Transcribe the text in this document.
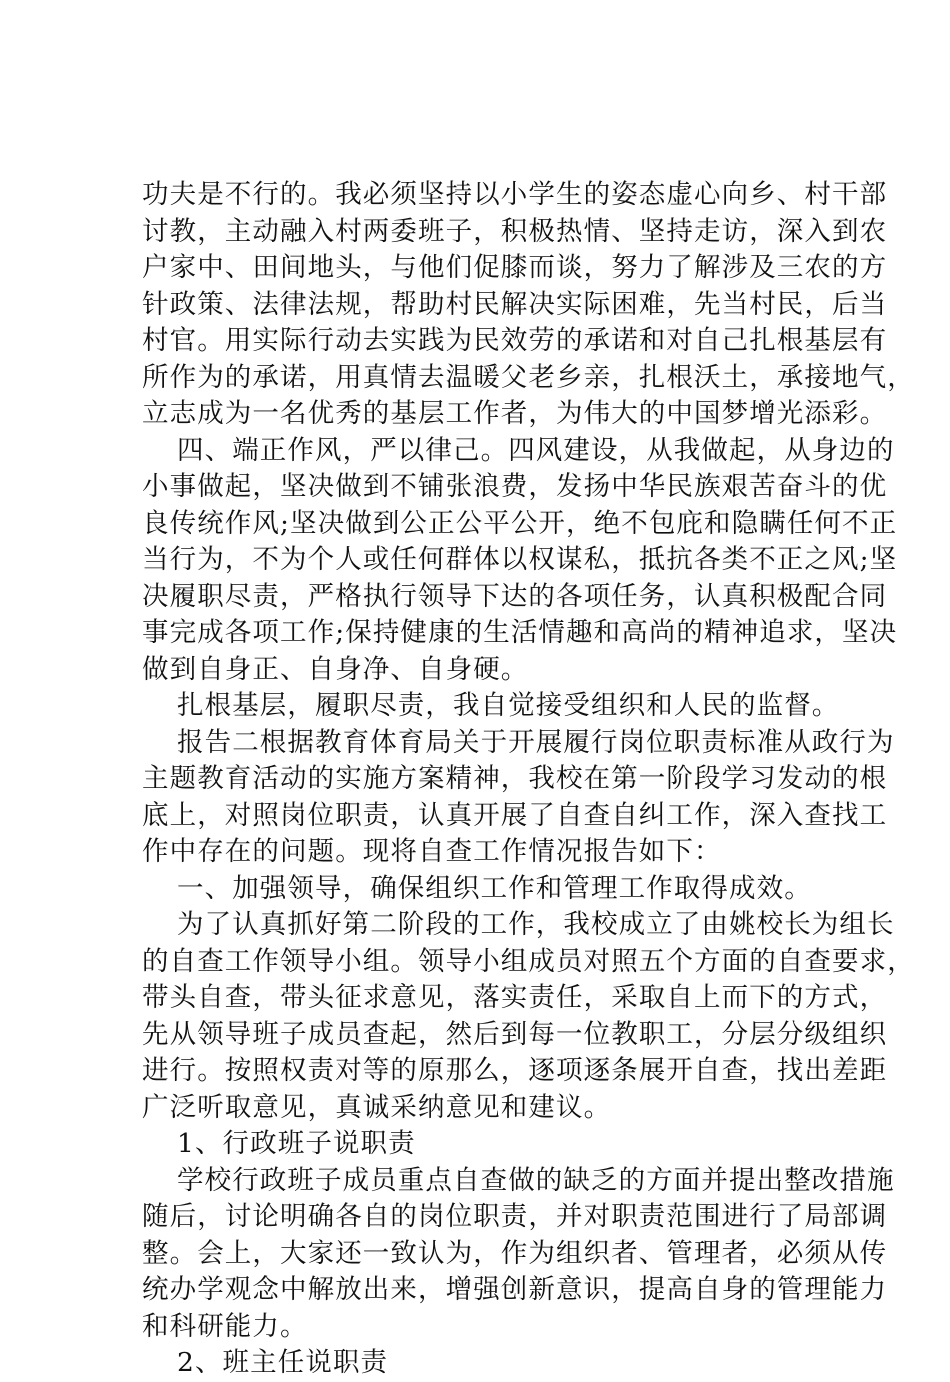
功夫是不行的。我必须坚持以小学生的姿态虚心向乡、村干部
讨教，主动融入村两委班子，积极热情、坚持走访，深入到农
户家中、田间地头，与他们促膝而谈，努力了解涉及三农的方
针政策、法律法规，帮助村民解决实际困难，先当村民，后当
村官。用实际行动去实践为民效劳的承诺和对自己扎根基层有
所作为的承诺，用真情去温暖父老乡亲，扎根沃土，承接地气，
立志成为一名优秀的基层工作者，为伟大的中国梦增光添彩。
四、端正作风，严以律己。四风建设，从我做起，从身边的
小事做起，坚决做到不铺张浪费，发扬中华民族艰苦奋斗的优
良传统作风;坚决做到公正公平公开，绝不包庇和隐瞒任何不正
当行为，不为个人或任何群体以权谋私，抵抗各类不正之风;坚
决履职尽责，严格执行领导下达的各项任务，认真积极配合同
事完成各项工作;保持健康的生活情趣和高尚的精神追求，坚决
做到自身正、自身净、自身硬。
扎根基层，履职尽责，我自觉接受组织和人民的监督。
报告二根据教育体育局关于开展履行岗位职责标准从政行为
主题教育活动的实施方案精神，我校在第一阶段学习发动的根
底上，对照岗位职责，认真开展了自查自纠工作，深入查找工
作中存在的问题。现将自查工作情况报告如下：
一、加强领导，确保组织工作和管理工作取得成效。
为了认真抓好第二阶段的工作，我校成立了由姚校长为组长
的自查工作领导小组。领导小组成员对照五个方面的自查要求，
带头自查，带头征求意见，落实责任，采取自上而下的方式，
先从领导班子成员查起，然后到每一位教职工，分层分级组织
进行。按照权责对等的原那么，逐项逐条展开自查，找出差距
广泛听取意见，真诚采纳意见和建议。
1、行政班子说职责
学校行政班子成员重点自查做的缺乏的方面并提出整改措施
随后，讨论明确各自的岗位职责，并对职责范围进行了局部调
整。会上，大家还一致认为，作为组织者、管理者，必须从传
统办学观念中解放出来，增强创新意识，提高自身的管理能力
和科研能力。
2、班主任说职责
